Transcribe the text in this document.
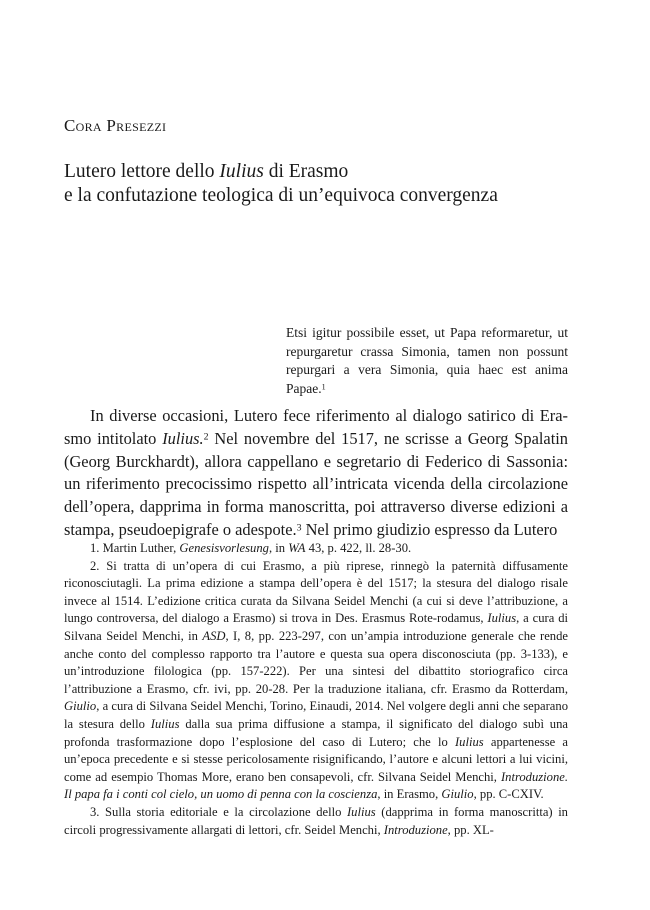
Cora Presezzi

Lutero lettore dello Iulius di Erasmo

e la confutazione teologica di un’equivoca convergenza

Etsi igitur possibile esset, ut Papa reformaretur, ut repurgaretur crassa Simonia, tamen non possunt repurgari a vera Simonia, quia haec est anima Papae.$^1$

In diverse occasioni, Lutero fece riferimento al dialogo satirico di Era-smo intitolato Iulius.$^2$ Nel novembre del 1517, ne scrisse a Georg Spalatin (Georg Burckhardt), allora cappellano e segretario di Federico di Sassonia: un riferimento precocissimo rispetto all’intricata vicenda della circolazione dell’opera, dapprima in forma manoscritta, poi attraverso diverse edizioni a stampa, pseudoepigrafe o adespote.$^3$ Nel primo giudizio espresso da Lutero

1. Martin Luther, Genesisvorlesung, in WA 43, p. 422, ll. 28-30.

2. Si tratta di un’opera di cui Erasmo, a più riprese, rinnegò la paternità diffusamente riconosciutagli. La prima edizione a stampa dell’opera è del 1517; la stesura del dialogo risale invece al 1514. L’edizione critica curata da Silvana Seidel Menchi (a cui si deve l’attribuzione, a lungo controversa, del dialogo a Erasmo) si trova in Des. Erasmus Rote-rodamus, Iulius, a cura di Silvana Seidel Menchi, in ASD, I, 8, pp. 223-297, con un’ampia introduzione generale che rende anche conto del complesso rapporto tra l’autore e questa sua opera disconosciuta (pp. 3-133), e un’introduzione filologica (pp. 157-222). Per una sintesi del dibattito storiografico circa l’attribuzione a Erasmo, cfr. ivi, pp. 20-28. Per la traduzione italiana, cfr. Erasmo da Rotterdam, Giulio, a cura di Silvana Seidel Menchi, Torino, Einaudi, 2014. Nel volgere degli anni che separano la stesura dello Iulius dalla sua prima diffusione a stampa, il significato del dialogo subì una profonda trasformazione dopo l’esplosione del caso di Lutero; che lo Iulius appartenesse a un’epoca precedente e si stesse pericolosamente risignificando, l’autore e alcuni lettori a lui vicini, come ad esempio Thomas More, erano ben consapevoli, cfr. Silvana Seidel Menchi, Introduzione. Il papa fa i conti col cielo, un uomo di penna con la coscienza, in Erasmo, Giulio, pp. C-CXIV.

3. Sulla storia editoriale e la circolazione dello Iulius (dapprima in forma manoscritta) in circoli progressivamente allargati di lettori, cfr. Seidel Menchi, Introduzione, pp. XL-
